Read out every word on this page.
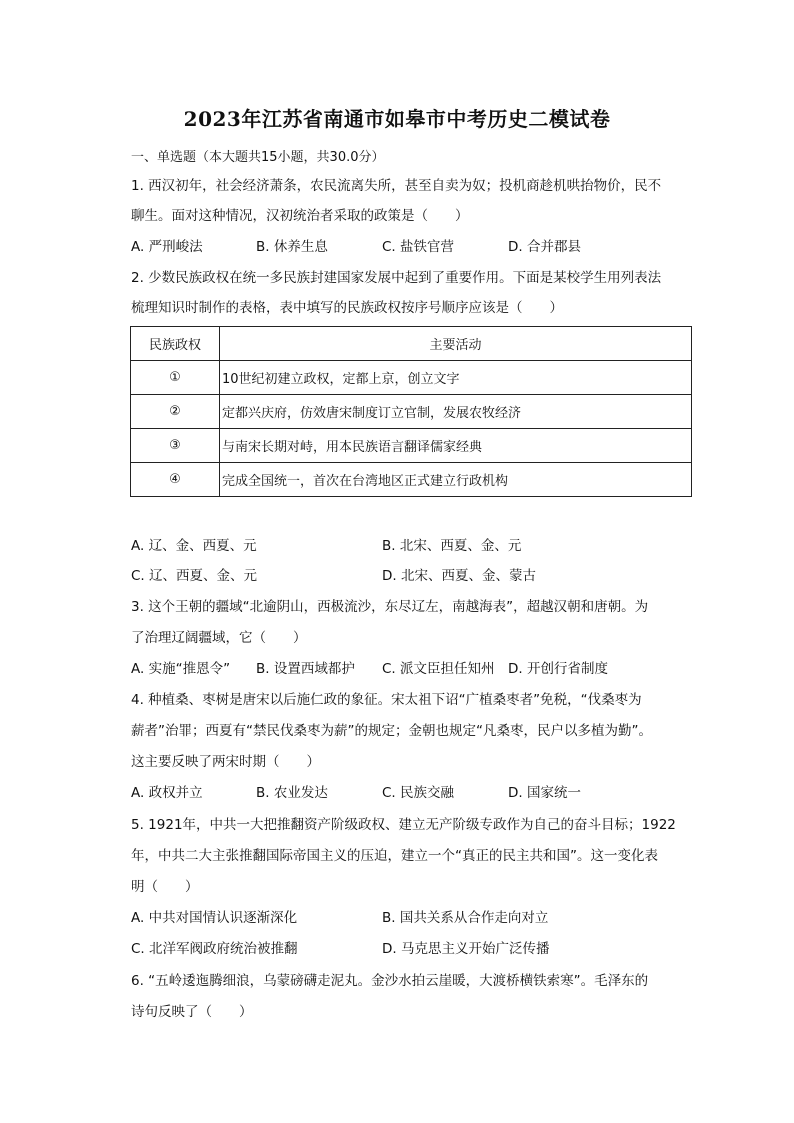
2023年江苏省南通市如皋市中考历史二模试卷
一、单选题（本大题共15小题，共30.0分）
1. 西汉初年，社会经济萧条，农民流离失所，甚至自卖为奴；投机商趁机哄抬物价，民不
聊生。面对这种情况，汉初统治者采取的政策是（　　）
A. 严刑峻法	B. 休养生息	C. 盐铁官营	D. 合并郡县
2. 少数民族政权在统一多民族封建国家发展中起到了重要作用。下面是某校学生用列表法
梳理知识时制作的表格，表中填写的民族政权按序号顺序应该是（　　）
民族政权	主要活动
①	10世纪初建立政权，定都上京，创立文字
②	定都兴庆府，仿效唐宋制度订立官制，发展农牧经济
③	与南宋长期对峙，用本民族语言翻译儒家经典
④	完成全国统一，首次在台湾地区正式建立行政机构
A. 辽、金、西夏、元	B. 北宋、西夏、金、元
C. 辽、西夏、金、元	D. 北宋、西夏、金、蒙古
3. 这个王朝的疆域“北逾阴山，西极流沙，东尽辽左，南越海表”，超越汉朝和唐朝。为
了治理辽阔疆域，它（　　）
A. 实施“推恩令” B. 设置西域都护 C. 派文臣担任知州 D. 开创行省制度
4. 种植桑、枣树是唐宋以后施仁政的象征。宋太祖下诏“广植桑枣者”免税，“伐桑枣为
薪者”治罪；西夏有“禁民伐桑枣为薪”的规定；金朝也规定“凡桑枣，民户以多植为勤”。
这主要反映了两宋时期（　　）
A. 政权并立	B. 农业发达	C. 民族交融	D. 国家统一
5. 1921年，中共一大把推翻资产阶级政权、建立无产阶级专政作为自己的奋斗目标；1922
年，中共二大主张推翻国际帝国主义的压迫，建立一个“真正的民主共和国”。这一变化表
明（　　）
A. 中共对国情认识逐渐深化	B. 国共关系从合作走向对立
C. 北洋军阀政府统治被推翻	D. 马克思主义开始广泛传播
6. “五岭逶迤腾细浪，乌蒙磅礴走泥丸。金沙水拍云崖暖，大渡桥横铁索寒”。毛泽东的
诗句反映了（　　）
